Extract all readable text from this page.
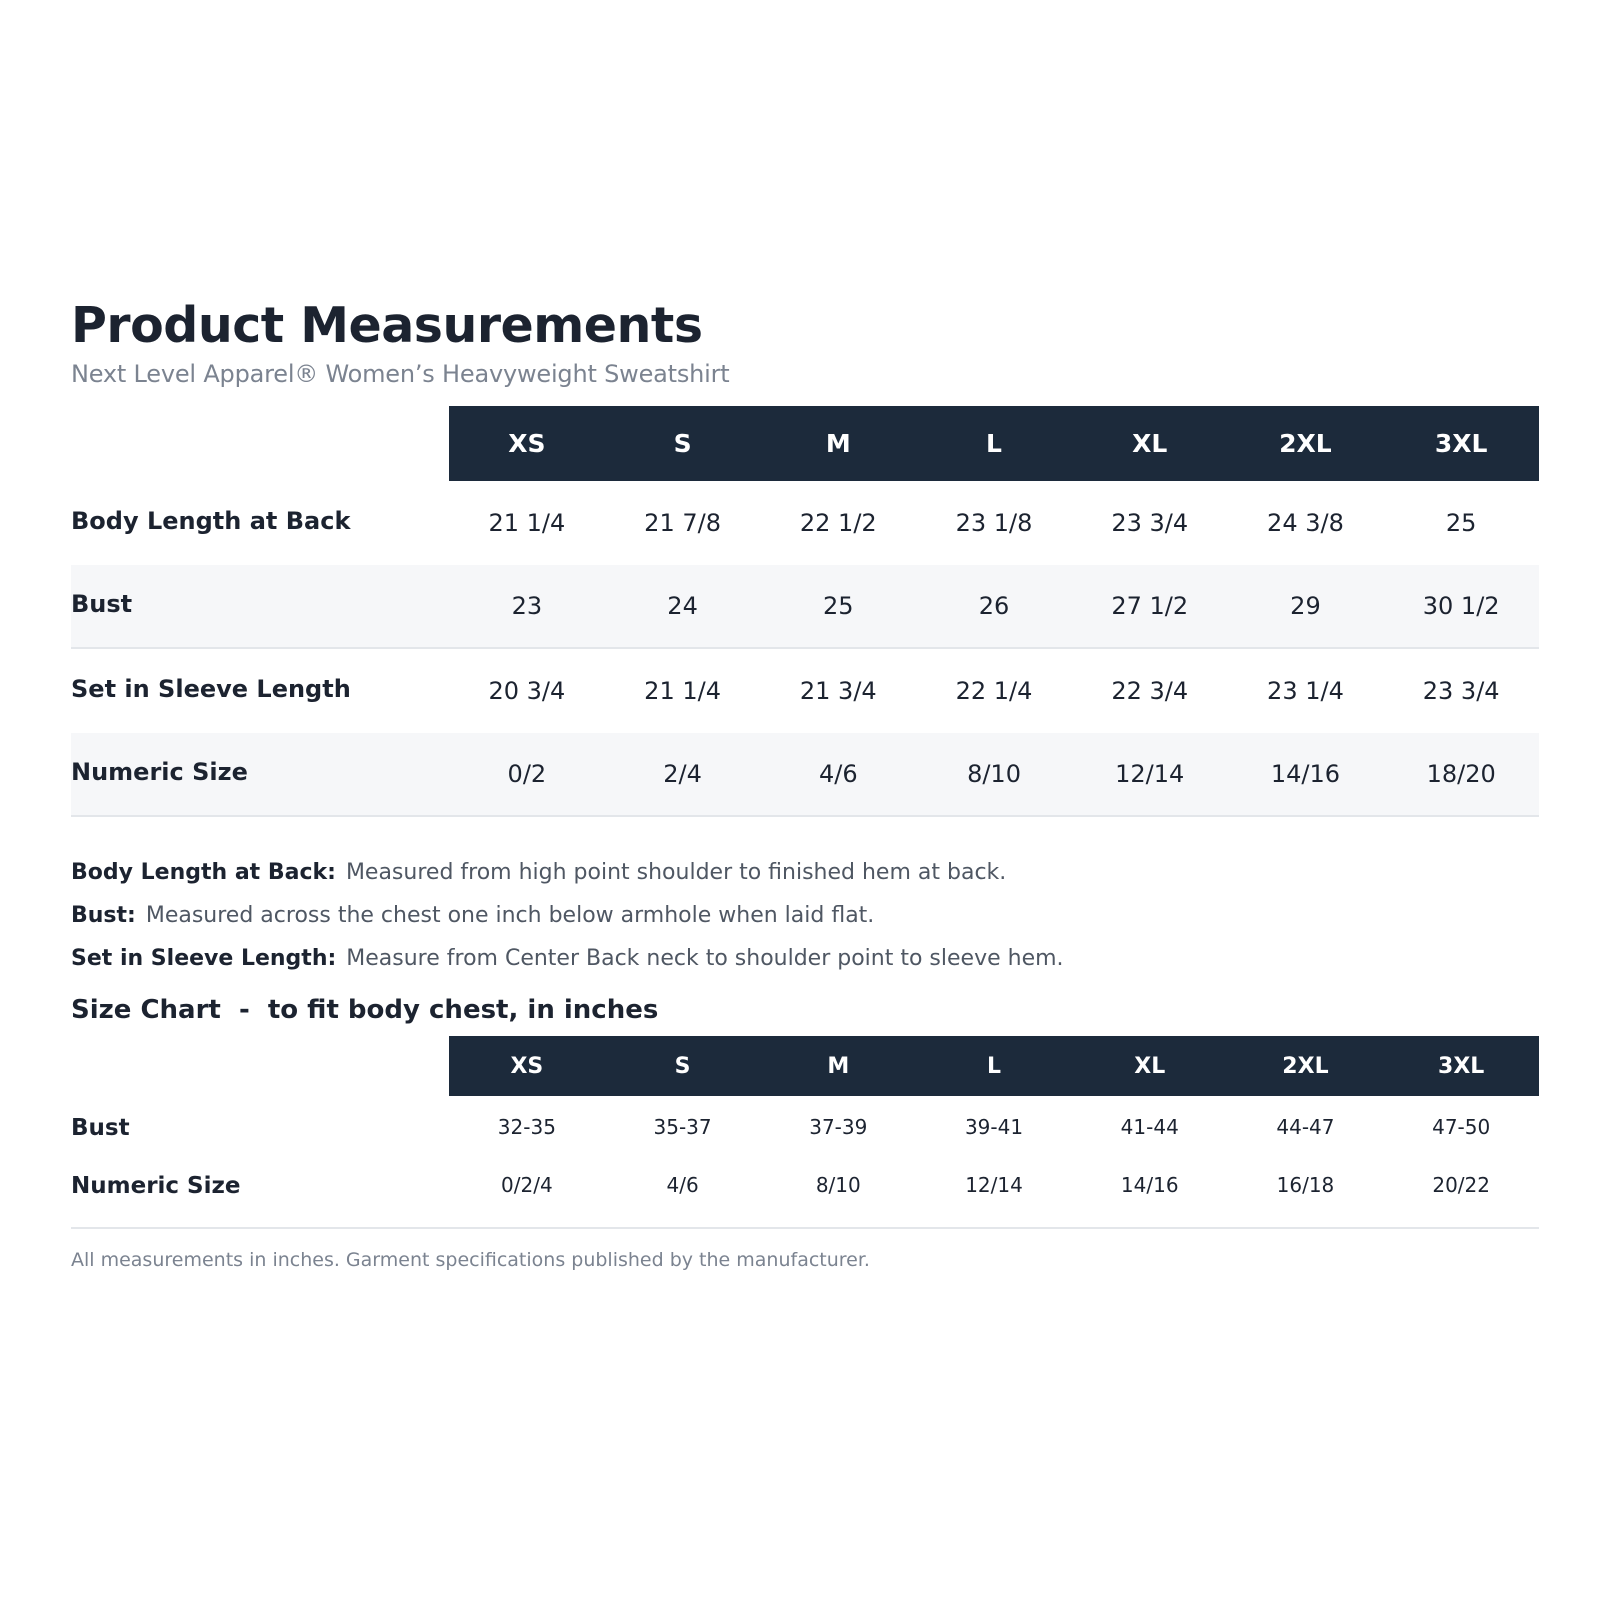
Product Measurements
Next Level Apparel® Women’s Heavyweight Sweatshirt
XS	S	M	L	XL	2XL	3XL
Body Length at Back	21 1/4	21 7/8	22 1/2	23 1/8	23 3/4	24 3/8	25
Bust	23	24	25	26	27 1/2	29	30 1/2
Set in Sleeve Length	20 3/4	21 1/4	21 3/4	22 1/4	22 3/4	23 1/4	23 3/4
Numeric Size	0/2	2/4	4/6	8/10	12/14	14/16	18/20
Body Length at Back: Measured from high point shoulder to finished hem at back.
Bust: Measured across the chest one inch below armhole when laid flat.
Set in Sleeve Length: Measure from Center Back neck to shoulder point to sleeve hem.
Size Chart  -  to fit body chest, in inches
XS	S	M	L	XL	2XL	3XL
Bust	32-35	35-37	37-39	39-41	41-44	44-47	47-50
Numeric Size	0/2/4	4/6	8/10	12/14	14/16	16/18	20/22
All measurements in inches. Garment specifications published by the manufacturer.
